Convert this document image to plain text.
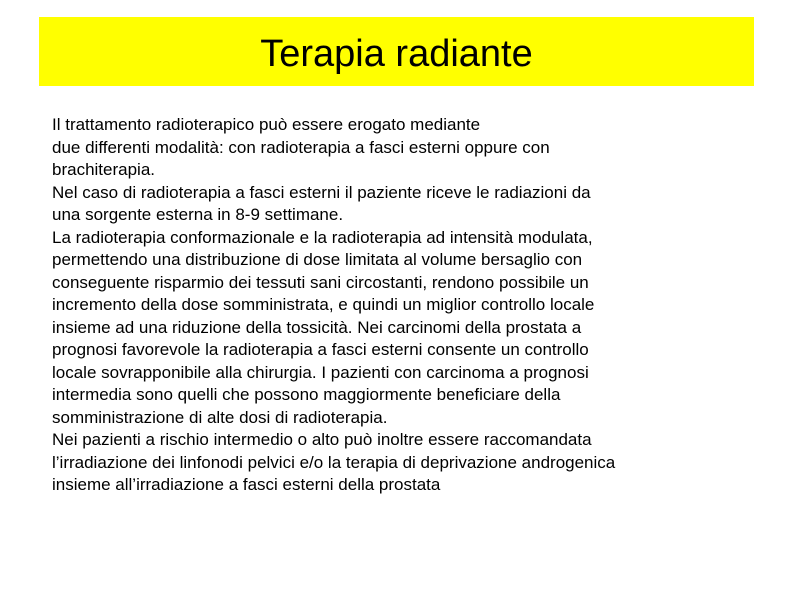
Terapia radiante
Il trattamento radioterapico può essere erogato mediante
due differenti modalità: con radioterapia a fasci esterni oppure con
brachiterapia.
Nel caso di radioterapia a fasci esterni il paziente riceve le radiazioni da
una sorgente esterna in 8-9 settimane.
La radioterapia conformazionale e la radioterapia ad intensità modulata,
permettendo una distribuzione di dose limitata al volume bersaglio con
conseguente risparmio dei tessuti sani circostanti, rendono possibile un
incremento della dose somministrata, e quindi un miglior controllo locale
insieme ad una riduzione della tossicità. Nei carcinomi della prostata a
prognosi favorevole la radioterapia a fasci esterni consente un controllo
locale sovrapponibile alla chirurgia. I pazienti con carcinoma a prognosi
intermedia sono quelli che possono maggiormente beneficiare della
somministrazione di alte dosi di radioterapia.
Nei pazienti a rischio intermedio o alto può inoltre essere raccomandata
l’irradiazione dei linfonodi pelvici e/o la terapia di deprivazione androgenica
insieme all’irradiazione a fasci esterni della prostata
